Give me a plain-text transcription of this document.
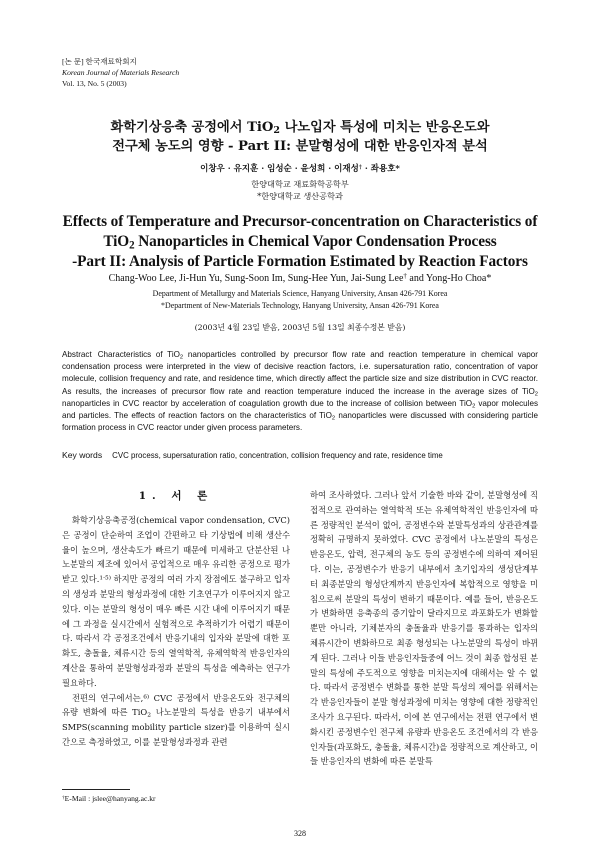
[논 문] 한국재료학회지
Korean Journal of Materials Research
Vol. 13, No. 5 (2003)
화학기상응축 공정에서 TiO$_2$ 나노입자 특성에 미치는 반응온도와
전구체 농도의 영향 - Part II: 분말형성에 대한 반응인자적 분석
이창우 · 유지훈 · 임성순 · 윤성희 · 이재성† · 좌용호*
한양대학교 재료화학공학부
*한양대학교 생산공학과
Effects of Temperature and Precursor-concentration on Characteristics of
TiO$_2$ Nanoparticles in Chemical Vapor Condensation Process
-Part II: Analysis of Particle Formation Estimated by Reaction Factors
Chang-Woo Lee, Ji-Hun Yu, Sung-Soon Im, Sung-Hee Yun, Jai-Sung Lee† and Yong-Ho Choa*
Department of Metallurgy and Materials Science, Hanyang University, Ansan 426-791 Korea
*Department of New-Materials Technology, Hanyang University, Ansan 426-791 Korea
(2003년 4월 23일 받음, 2003년 5월 13일 최종수정본 받음)
Abstract Characteristics of TiO$_2$ nanoparticles controlled by precursor flow rate and reaction temperature in chemical vapor condensation process were interpreted in the view of decisive reaction factors, i.e. supersaturation ratio, concentration of vapor molecule, collision frequency and rate, and residence time, which directly affect the particle size and size distribution in CVC reactor. As results, the increases of precursor flow rate and reaction temperature induced the increase in the average sizes of TiO$_2$ nanoparticles in CVC reactor by acceleration of coagulation growth due to the increase of collision between TiO$_2$ vapor molecules and particles. The effects of reaction factors on the characteristics of TiO$_2$ nanoparticles were discussed with considering particle formation process in CVC reactor under given process parameters.
Key words CVC process, supersaturation ratio, concentration, collision frequency and rate, residence time
1. 서 론
화학기상응축공정(chemical vapor condensation, CVC)은 공정이 단순하여 조업이 간편하고 타 기상법에 비해 생산수율이 높으며, 생산속도가 빠르기 때문에 미세하고 단분산된 나노분말의 제조에 있어서 공업적으로 매우 유리한 공정으로 평가받고 있다.$^{1-5)}$ 하지만 공정의 여러 가지 장점에도 불구하고 입자의 생성과 분말의 형성과정에 대한 기초연구가 이루어지지 않고 있다. 이는 분말의 형성이 매우 빠른 시간 내에 이루어지기 때문에 그 과정을 실시간에서 실험적으로 추적하기가 어렵기 때문이다. 따라서 각 공정조건에서 반응기내의 입자와 분말에 대한 포화도, 충돌율, 체류시간 등의 열역학적, 유체역학적 반응인자의 계산을 통하여 분말형성과정과 분말의 특성을 예측하는 연구가 필요하다.
전편의 연구에서는,$^{6)}$ CVC 공정에서 반응온도와 전구체의 유량 변화에 따른 TiO$_2$ 나노분말의 특성을 반응기 내부에서 SMPS(scanning mobility particle sizer)를 이용하여 실시간으로 측정하였고, 이를 분말형성과정과 관련
하여 조사하였다. 그러나 앞서 기술한 바와 같이, 분말형성에 직접적으로 관여하는 열역학적 또는 유체역학적인 반응인자에 따른 정량적인 분석이 없어, 공정변수와 분말특성과의 상관관계를 정확히 규명하지 못하였다. CVC 공정에서 나노분말의 특성은 반응온도, 압력, 전구체의 농도 등의 공정변수에 의하여 제어된다. 이는, 공정변수가 반응기 내부에서 초기입자의 생성단계부터 최종분말의 형성단계까지 반응인자에 복합적으로 영향을 미침으로써 분말의 특성이 변하기 때문이다. 예를 들어, 반응온도가 변화하면 응축종의 증기압이 달라지므로 과포화도가 변화할 뿐만 아니라, 기체분자의 충돌율과 반응기를 통과하는 입자의 체류시간이 변화하므로 최종 형성되는 나노분말의 특성이 바뀌게 된다. 그러나 이들 반응인자들중에 어느 것이 최종 합성된 분말의 특성에 주도적으로 영향을 미치는지에 대해서는 알 수 없다. 따라서 공정변수 변화를 통한 분말 특성의 제어를 위해서는 각 반응인자들이 분말 형성과정에 미치는 영향에 대한 정량적인 조사가 요구된다. 따라서, 이에 본 연구에서는 전편 연구에서 변화시킨 공정변수인 전구체 유량과 반응온도 조건에서의 각 반응인자들(과포화도, 충돌율, 체류시간)을 정량적으로 계산하고, 이들 반응인자의 변화에 따른 분말특
†E-Mail : jslee@hanyang.ac.kr
328
